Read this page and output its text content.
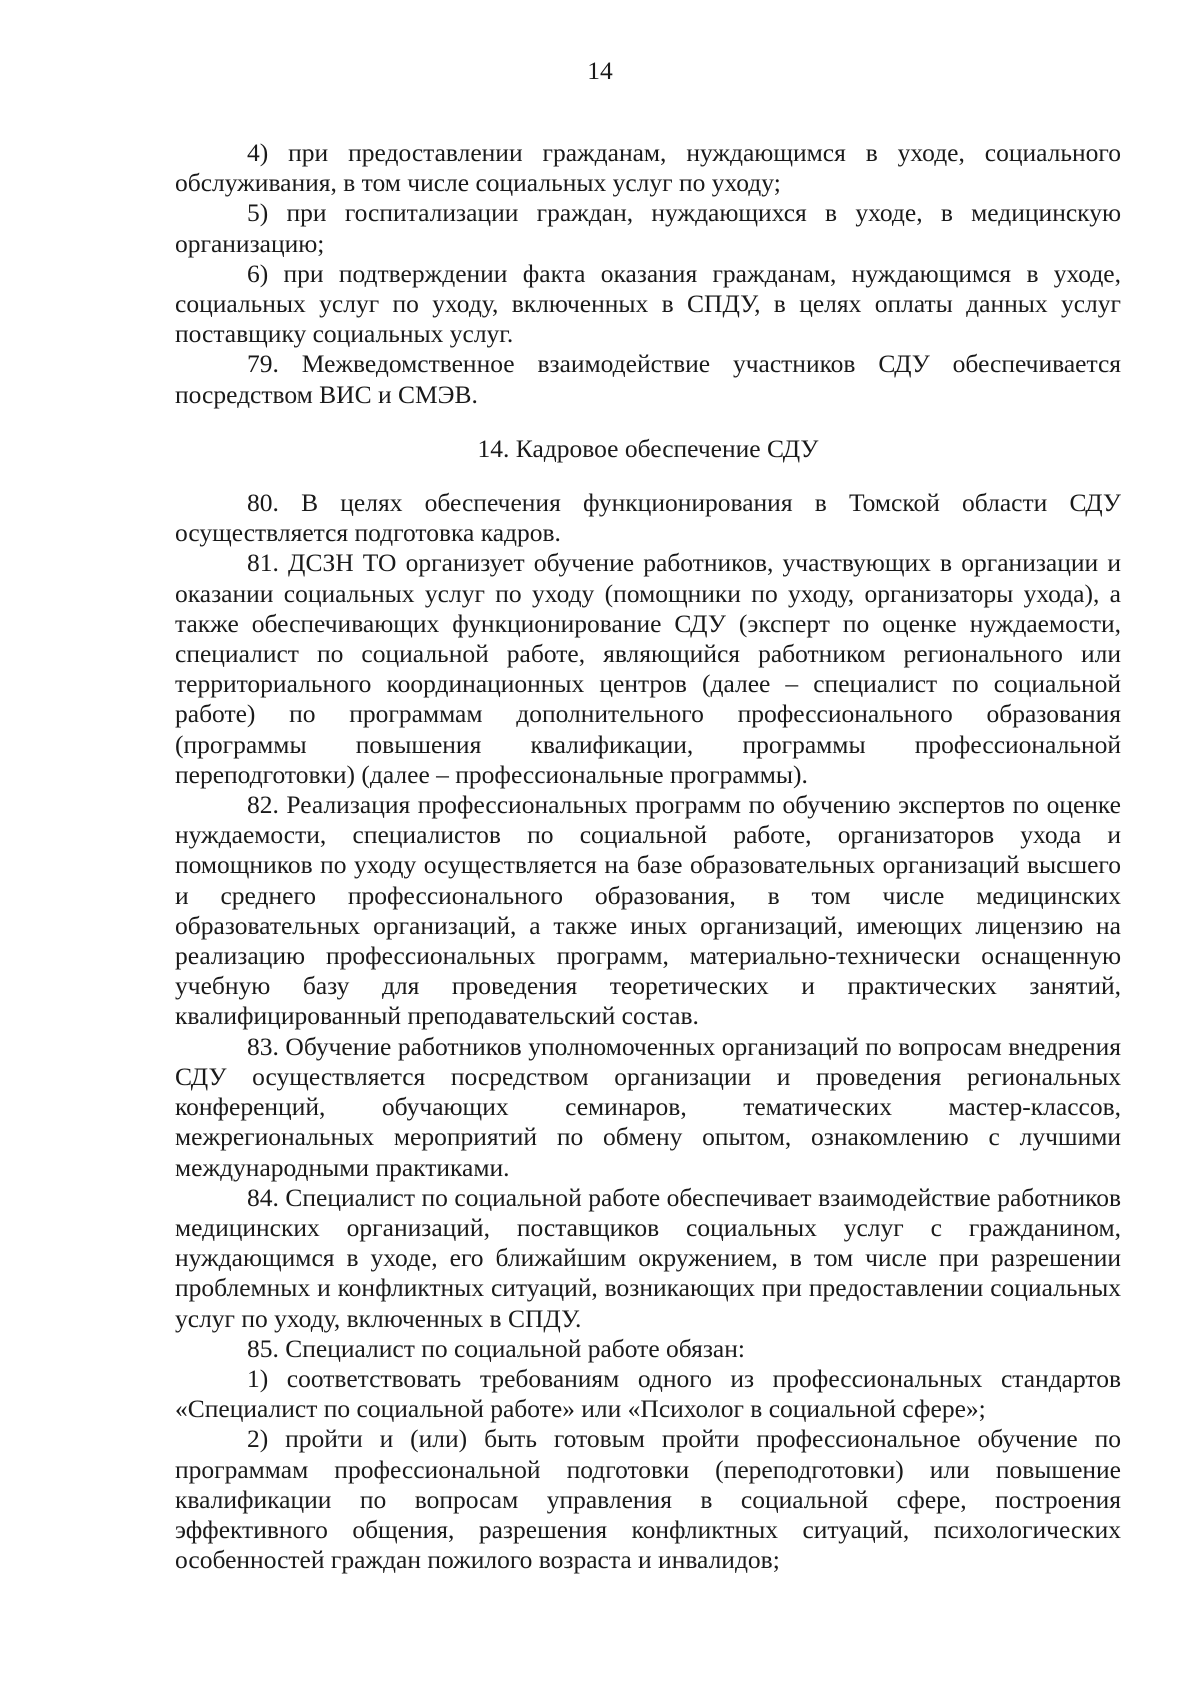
14

4) при предоставлении гражданам, нуждающимся в уходе, социального обслуживания, в том числе социальных услуг по уходу;

5) при госпитализации граждан, нуждающихся в уходе, в медицинскую организацию;

6) при подтверждении факта оказания гражданам, нуждающимся в уходе, социальных услуг по уходу, включенных в СПДУ, в целях оплаты данных услуг поставщику социальных услуг.

79. Межведомственное взаимодействие участников СДУ обеспечивается посредством ВИС и СМЭВ.

14. Кадровое обеспечение СДУ

80. В целях обеспечения функционирования в Томской области СДУ осуществляется подготовка кадров.

81. ДСЗН ТО организует обучение работников, участвующих в организации и оказании социальных услуг по уходу (помощники по уходу, организаторы ухода), а также обеспечивающих функционирование СДУ (эксперт по оценке нуждаемости, специалист по социальной работе, являющийся работником регионального или территориального координационных центров (далее – специалист по социальной работе) по программам дополнительного профессионального образования (программы повышения квалификации, программы профессиональной переподготовки) (далее – профессиональные программы).

82. Реализация профессиональных программ по обучению экспертов по оценке нуждаемости, специалистов по социальной работе, организаторов ухода и помощников по уходу осуществляется на базе образовательных организаций высшего и среднего профессионального образования, в том числе медицинских образовательных организаций, а также иных организаций, имеющих лицензию на реализацию профессиональных программ, материально-технически оснащенную учебную базу для проведения теоретических и практических занятий, квалифицированный преподавательский состав.

83. Обучение работников уполномоченных организаций по вопросам внедрения СДУ осуществляется посредством организации и проведения региональных конференций, обучающих семинаров, тематических мастер-классов, межрегиональных мероприятий по обмену опытом, ознакомлению с лучшими международными практиками.

84. Специалист по социальной работе обеспечивает взаимодействие работников медицинских организаций, поставщиков социальных услуг с гражданином, нуждающимся в уходе, его ближайшим окружением, в том числе при разрешении проблемных и конфликтных ситуаций, возникающих при предоставлении социальных услуг по уходу, включенных в СПДУ.

85. Специалист по социальной работе обязан:

1) соответствовать требованиям одного из профессиональных стандартов «Специалист по социальной работе» или «Психолог в социальной сфере»;

2) пройти и (или) быть готовым пройти профессиональное обучение по программам профессиональной подготовки (переподготовки) или повышение квалификации по вопросам управления в социальной сфере, построения эффективного общения, разрешения конфликтных ситуаций, психологических особенностей граждан пожилого возраста и инвалидов;
